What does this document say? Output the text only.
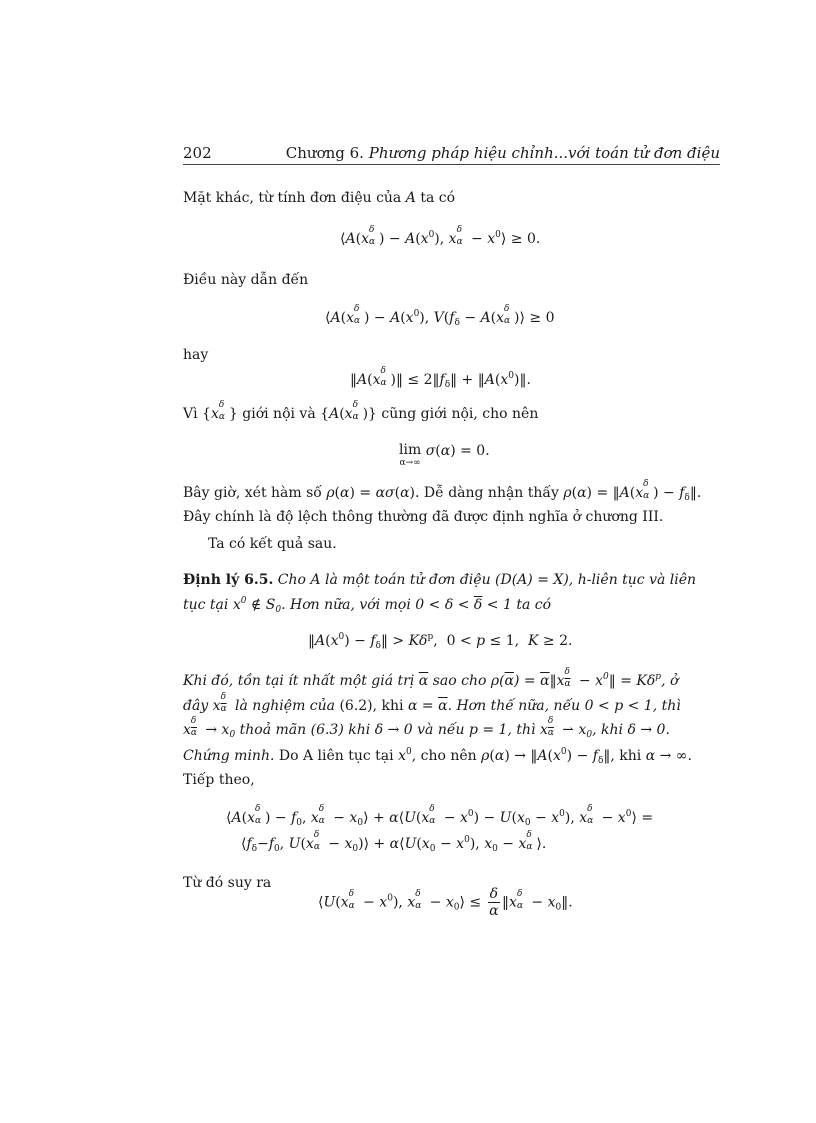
202	Chương 6. Phương pháp hiệu chỉnh...với toán tử đơn điệu
Mặt khác, từ tính đơn điệu của A ta có
⟨A(x
δ
α ) − $A(x^0)$, x
δ
$\alpha - x^0⟩ \ge 0$.
Điều này dẫn đến
⟨A(x
δ
α ) − $A(x^0)$, $V(f_\delta - A(x$
δ
α )⟩ ≥ 0
hay
‖A(x
δ
α )‖ ≤ $2‖f_\delta‖$ + $‖A(x^0)‖$.
Vì {x
δ
α } giới nội và {A(x
δ
α )} cũng giới nội, cho nên
lim
α→∞
σ(α) = 0.
Bây giờ, xét hàm số ρ(α) = ασ(α). Dễ dàng nhận thấy ρ(α) = ‖A(x
δ
α ) − $f_\delta‖$.
Đây chính là độ lệch thông thường đã được định nghĩa ở chương III.
Ta có kết quả sau.
Định lý 6.5. Cho A là một toán tử đơn điệu (D(A) = X), h-liên tục và liên
tục tại $x^0$ ∉ $S_0$. Hơn nữa, với mọi $0 < \delta < \overline{\delta} < 1$ ta có
$‖A(x^0)$ − $f_\delta‖ > K\delta^p$,  0 < p ≤ 1,  K ≥ 2.
Khi đó, tồn tại ít nhất một giá trị $\overline{\alpha}$ sao cho $\rho(\overline{\alpha})$ = $\overline{\alpha}‖x \frac{\delta}{\alpha}$ − $x^0‖ = K\delta^p$, ở
đây x $\frac{\delta}{\alpha}$ là nghiệm của (6.2), khi $\alpha = \overline{\alpha}$. Hơn thế nữa, nếu 0 < p < 1, thì
x $\frac{\delta}{\alpha} \to x_0$ thoả mãn (6.3) khi δ → 0 và nếu p = 1, thì x $\frac{\delta}{\alpha}$ ⇀ $x_0$, khi δ → 0.
Chứng minh. Do A liên tục tại $x^0$, cho nên $\rho(\alpha) \to ‖A(x^0)$ − $f_\delta‖$, khi α → ∞.
Tiếp theo,
⟨A(x
δ
α ) − $f_0$, x
δ
$\alpha - x_0⟩$ + α⟨U(x
δ
$\alpha - x^0) - U(x_0 - x^0)$, x
δ
$\alpha - x^0⟩$ =
$⟨f_\delta-f_0$, U(x
δ
$\alpha - x_0)⟩$ + $\alpha⟨U(x_0 - x^0)$, $x_0 - x$
δ
α ⟩.
Từ đó suy ra
⟨U(x
δ
$\alpha - x^0$), x
δ
$\alpha - x_0⟩ \le \frac{\delta}{\alpha}$ ‖x
δ
$\alpha - x_0‖$.
